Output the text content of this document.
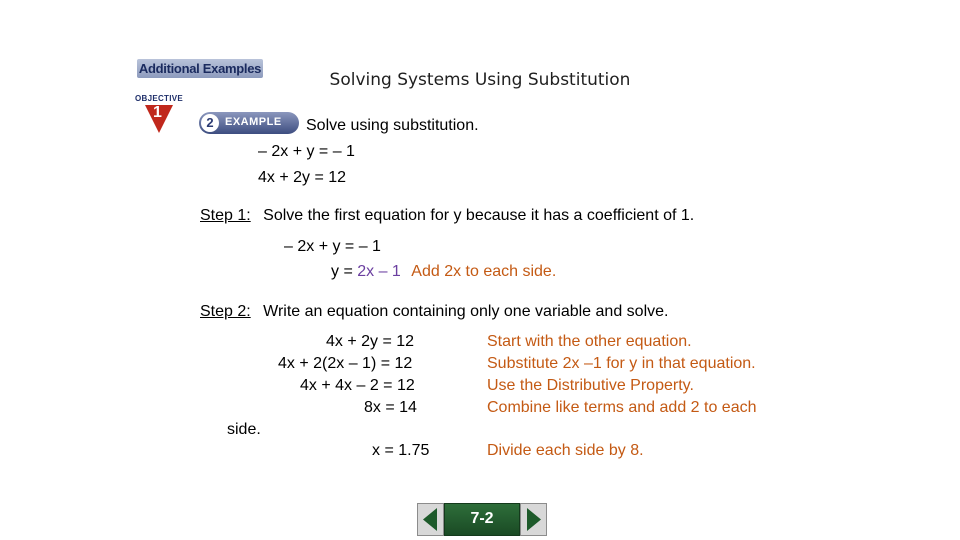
Additional Examples
Solving Systems Using Substitution
OBJECTIVE
1
2	EXAMPLE Solve using substitution.
– 2x + y = – 1
4x + 2y = 12
Step 1: Solve the first equation for y because it has a coefficient of 1.
– 2x + y = – 1
y = 2x – 1 Add 2x to each side.
Step 2: Write an equation containing only one variable and solve.
4x + 2y = 12
4x + 2(2x – 1) = 12
4x + 4x – 2 = 12
8x = 14
Start with the other equation.
Substitute 2x –1 for y in that equation.
Use the Distributive Property.
Combine like terms and add 2 to each
side.
x = 1.75	Divide each side by 8.
7-2
